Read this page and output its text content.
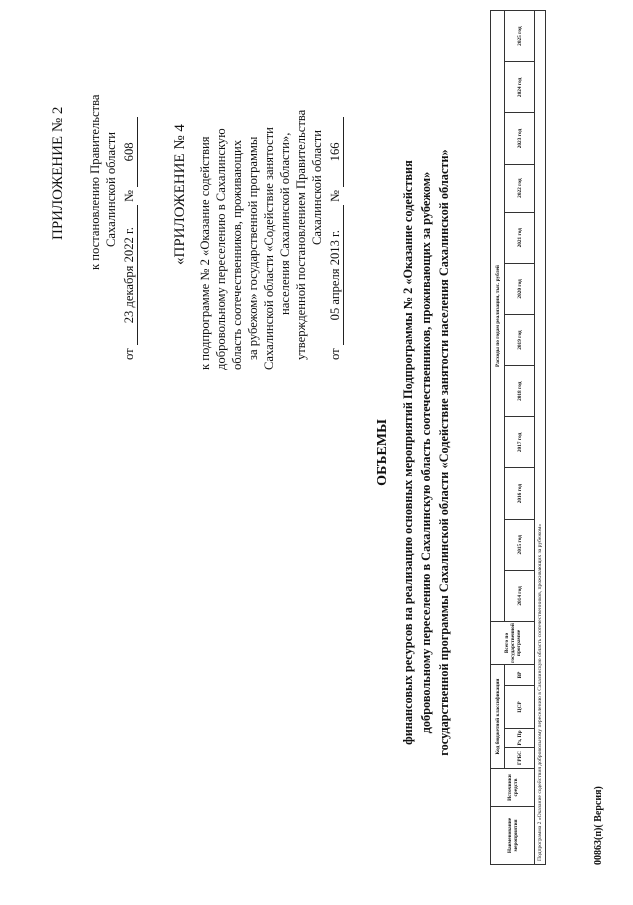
ПРИЛОЖЕНИЕ № 2 к постановлению Правительства Сахалинской области
от 23 декабря 2022 г. № 608 «ПРИЛОЖЕНИЕ № 4 к подпрограмме № 2 «Оказание содействия добровольному переселению в Сахалинскую область соотечественников, проживающих за рубежом» государственной программы Сахалинской области «Содействие занятости населения Сахалинской области», утвержденной постановлением Правительства Сахалинской области
от 05 апреля 2013 г. № 166
ОБЪЕМЫ финансовых ресурсов на реализацию основных мероприятий Подпрограммы № 2 «Оказание содействия добровольному переселению в Сахалинскую область соотечественников, проживающих за рубежом» государственной программы Сахалинской области «Содействие занятости населения Сахалинской области»
Наименование мероприятия	Источники средств	Код бюджетной классификации				Всего по государственной программе	Расходы по годам реализации, тыс. рублей											
		ГРБС	Рз, Пр	ЦСР	ВР		2014 год	2015 год	2016 год	2017 год	2018 год	2019 год	2020 год	2021 год	2022 год	2023 год	2024 год	2025 год
Подпрограмма 2 «Оказание содействия добровольному переселению в Сахалинскую область соотечественников, проживающих за рубежом»																			00863(п)( Версия)
